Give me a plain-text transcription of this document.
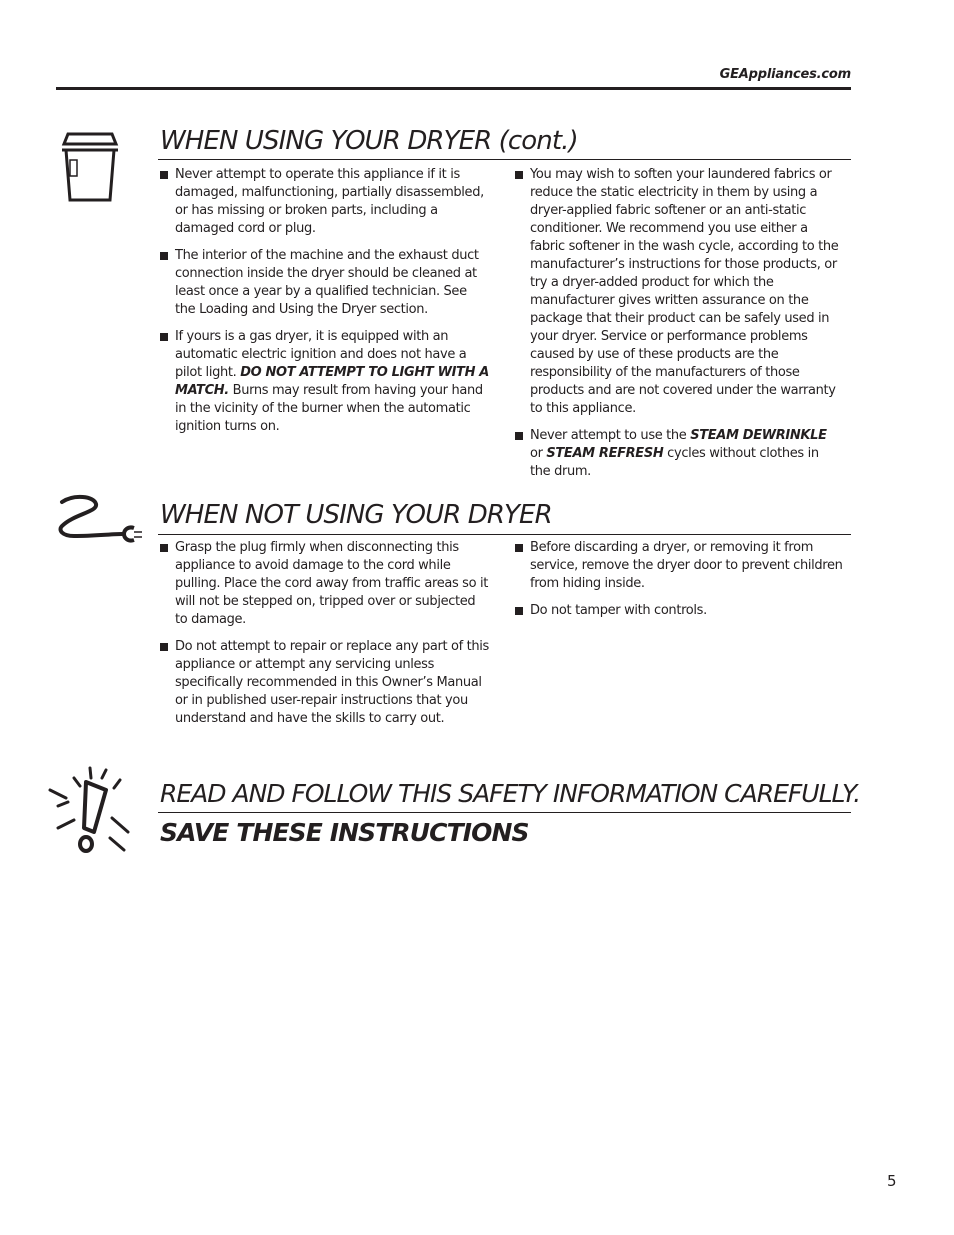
GEAppliances.com
WHEN USING YOUR DRYER (cont.)
Never attempt to operate this appliance if it is damaged, malfunctioning, partially disassembled, or has missing or broken parts, including a damaged cord or plug.
The interior of the machine and the exhaust duct connection inside the dryer should be cleaned at least once a year by a qualified technician. See the Loading and Using the Dryer section.
If yours is a gas dryer, it is equipped with an automatic electric ignition and does not have a pilot light. DO NOT ATTEMPT TO LIGHT WITH A MATCH. Burns may result from having your hand in the vicinity of the burner when the automatic ignition turns on.
You may wish to soften your laundered fabrics or reduce the static electricity in them by using a dryer-applied fabric softener or an anti-static conditioner. We recommend you use either a fabric softener in the wash cycle, according to the manufacturer’s instructions for those products, or try a dryer-added product for which the manufacturer gives written assurance on the package that their product can be safely used in your dryer. Service or performance problems caused by use of these products are the responsibility of the manufacturers of those products and are not covered under the warranty to this appliance.
Never attempt to use the STEAM DEWRINKLE or STEAM REFRESH cycles without clothes in the drum.
WHEN NOT USING YOUR DRYER
Grasp the plug firmly when disconnecting this appliance to avoid damage to the cord while pulling. Place the cord away from traffic areas so it will not be stepped on, tripped over or subjected to damage.
Do not attempt to repair or replace any part of this appliance or attempt any servicing unless specifically recommended in this Owner’s Manual or in published user-repair instructions that you understand and have the skills to carry out.
Before discarding a dryer, or removing it from service, remove the dryer door to prevent children from hiding inside.
Do not tamper with controls.
READ AND FOLLOW THIS SAFETY INFORMATION CAREFULLY.
SAVE THESE INSTRUCTIONS
5
